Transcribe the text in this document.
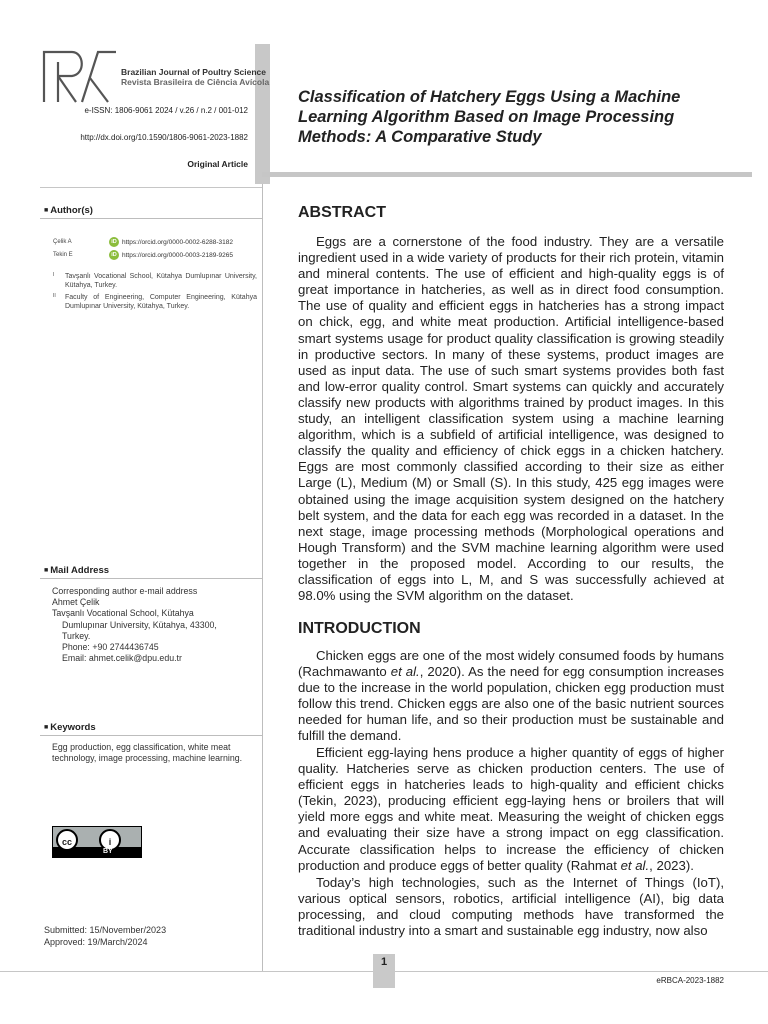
Brazilian Journal of Poultry Science
Revista Brasileira de Ciência Avícola
e-ISSN: 1806-9061 2024 / v.26 / n.2 / 001-012
http://dx.doi.org/10.1590/1806-9061-2023-1882
Original Article
Classification of Hatchery Eggs Using a Machine Learning Algorithm Based on Image Processing Methods: A Comparative Study
■ Author(s)
Çelik A	iD https://orcid.org/0000-0002-6288-3182
Tekin E	iD https://orcid.org/0000-0003-2189-9265
I	Tavşanlı Vocational School, Kütahya Dumlupınar University, Kütahya, Turkey.
II	Faculty of Engineering, Computer Engineering, Kütahya Dumlupınar University, Kütahya, Turkey.
■ Mail Address
Corresponding author e-mail address
Ahmet Çelik
Tavşanlı Vocational School, Kütahya
Dumlupınar University, Kütahya, 43300,
Turkey.
Phone: +90 2744436745
Email: ahmet.celik@dpu.edu.tr
■ Keywords
Egg production, egg classification, white meat technology, image processing, machine learning.
cc	i
BY
Submitted: 15/November/2023
Approved: 19/March/2024
ABSTRACT

Eggs are a cornerstone of the food industry. They are a versatile ingredient used in a wide variety of products for their rich protein, vitamin and mineral contents. The use of efficient and high-quality eggs is of great importance in hatcheries, as well as in direct food consumption. The use of quality and efficient eggs in hatcheries has a strong impact on chick, egg, and white meat production. Artificial intelligence-based smart systems usage for product quality classification is growing steadily in productive sectors. In many of these systems, product images are used as input data. The use of such smart systems provides both fast and low-error quality control. Smart systems can quickly and accurately classify new products with algorithms trained by product images. In this study, an intelligent classification system using a machine learning algorithm, which is a subfield of artificial intelligence, was designed to classify the quality and efficiency of chick eggs in a chicken hatchery. Eggs are most commonly classified according to their size as either Large (L), Medium (M) or Small (S). In this study, 425 egg images were obtained using the image acquisition system designed on the hatchery belt system, and the data for each egg was recorded in a dataset. In the next stage, image processing methods (Morphological operations and Hough Transform) and the SVM machine learning algorithm were used together in the proposed model. According to our results, the classification of eggs into L, M, and S was successfully achieved at 98.0% using the SVM algorithm on the dataset.

INTRODUCTION

Chicken eggs are one of the most widely consumed foods by humans (Rachmawanto et al., 2020). As the need for egg consumption increases due to the increase in the world population, chicken egg production must follow this trend. Chicken eggs are also one of the basic nutrient sources needed for human life, and so their production must be sustainable and fulfill the demand.

Efficient egg-laying hens produce a higher quantity of eggs of higher quality. Hatcheries serve as chicken production centers. The use of efficient eggs in hatcheries leads to high-quality and efficient chicks (Tekin, 2023), producing efficient egg-laying hens or broilers that will yield more eggs and white meat. Measuring the weight of chicken eggs and evaluating their size have a strong impact on egg classification. Accurate classification helps to increase the efficiency of chicken production and produce eggs of better quality (Rahmat et al., 2023).

Today’s high technologies, such as the Internet of Things (IoT), various optical sensors, robotics, artificial intelligence (AI), big data processing, and cloud computing methods have transformed the traditional industry into a smart and sustainable egg industry, now also

1
eRBCA-2023-1882
